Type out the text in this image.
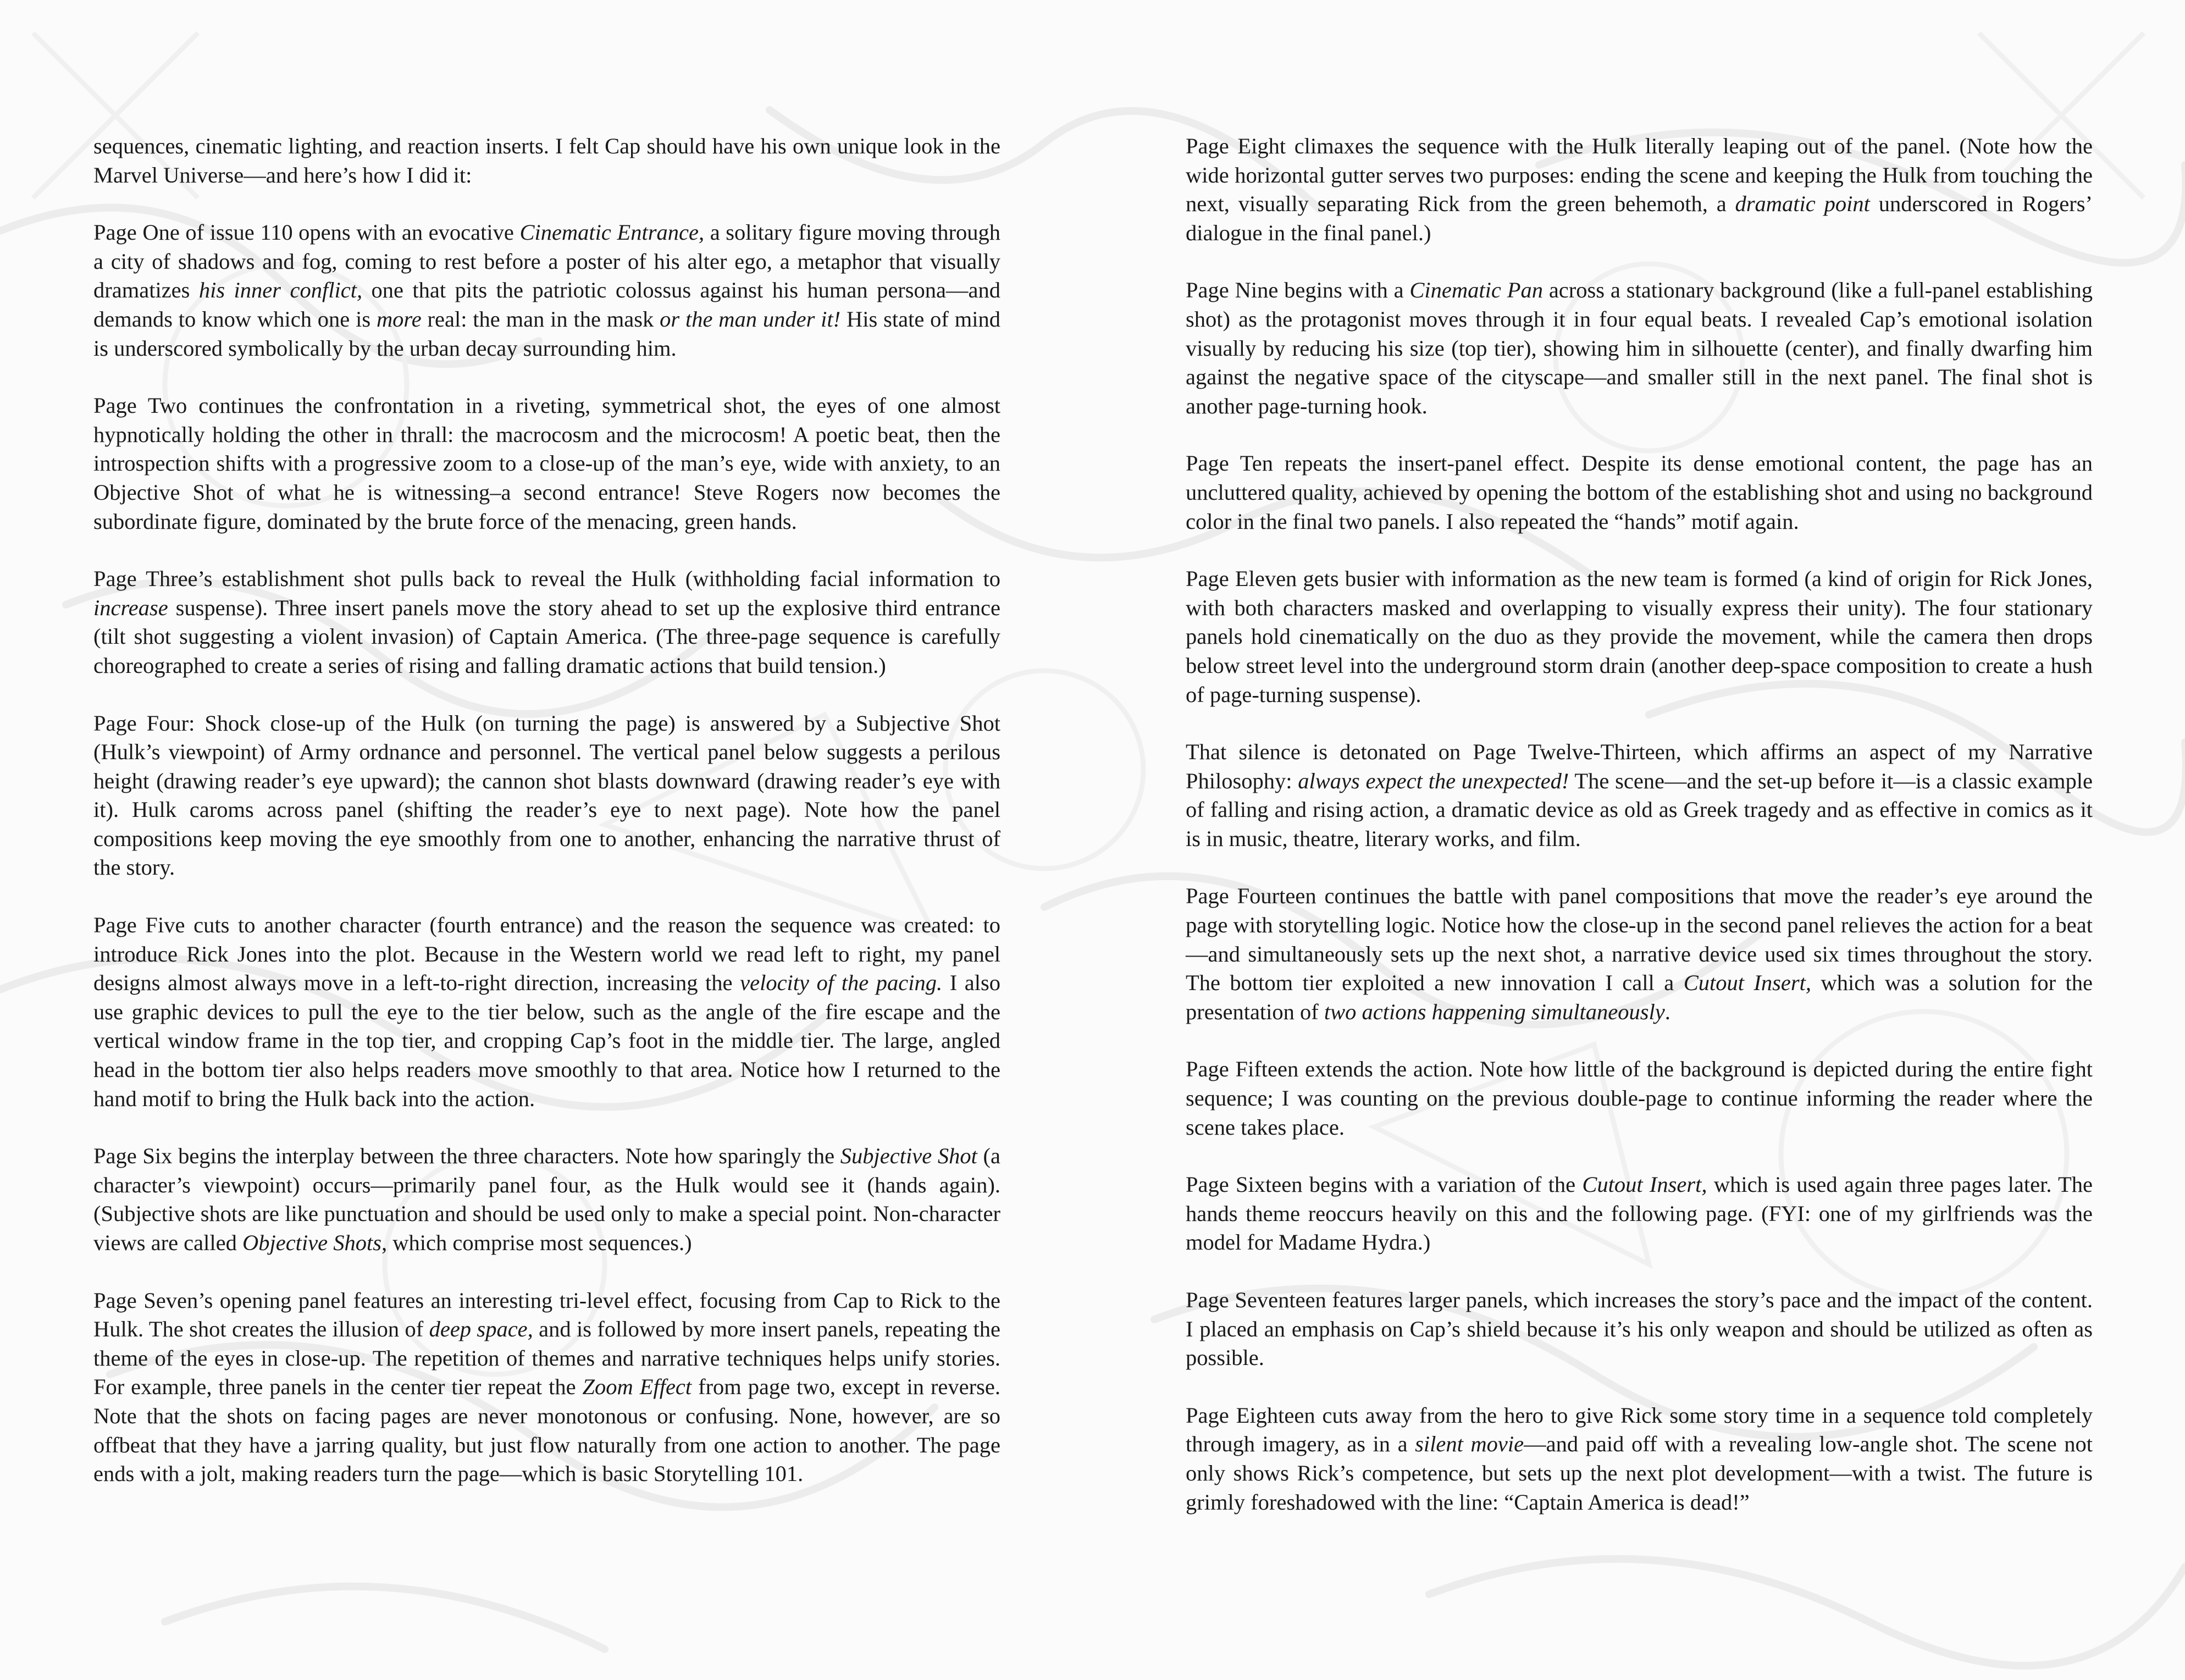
sequences, cinematic lighting, and reaction inserts. I felt Cap should have his own unique look in the Marvel Universe—and here’s how I did it:

Page One of issue 110 opens with an evocative Cinematic Entrance, a solitary figure moving through a city of shadows and fog, coming to rest before a poster of his alter ego, a metaphor that visually dramatizes his inner conflict, one that pits the patriotic colossus against his human persona—and demands to know which one is more real: the man in the mask or the man under it! His state of mind is underscored symbolically by the urban decay surrounding him.

Page Two continues the confrontation in a riveting, symmetrical shot, the eyes of one almost hypnotically holding the other in thrall: the macrocosm and the microcosm! A poetic beat, then the introspection shifts with a progressive zoom to a close-up of the man’s eye, wide with anxiety, to an Objective Shot of what he is witnessing–a second entrance! Steve Rogers now becomes the subordinate figure, dominated by the brute force of the menacing, green hands.

Page Three’s establishment shot pulls back to reveal the Hulk (withholding facial information to increase suspense). Three insert panels move the story ahead to set up the explosive third entrance (tilt shot suggesting a violent invasion) of Captain America. (The three-page sequence is carefully choreographed to create a series of rising and falling dramatic actions that build tension.)

Page Four: Shock close-up of the Hulk (on turning the page) is answered by a Subjective Shot (Hulk’s viewpoint) of Army ordnance and personnel. The vertical panel below suggests a perilous height (drawing reader’s eye upward); the cannon shot blasts downward (drawing reader’s eye with it). Hulk caroms across panel (shifting the reader’s eye to next page). Note how the panel compositions keep moving the eye smoothly from one to another, enhancing the narrative thrust of the story.

Page Five cuts to another character (fourth entrance) and the reason the sequence was created: to introduce Rick Jones into the plot. Because in the Western world we read left to right, my panel designs almost always move in a left-to-right direction, increasing the velocity of the pacing. I also use graphic devices to pull the eye to the tier below, such as the angle of the fire escape and the vertical window frame in the top tier, and cropping Cap’s foot in the middle tier. The large, angled head in the bottom tier also helps readers move smoothly to that area. Notice how I returned to the hand motif to bring the Hulk back into the action.

Page Six begins the interplay between the three characters. Note how sparingly the Subjective Shot (a character’s viewpoint) occurs—primarily panel four, as the Hulk would see it (hands again). (Subjective shots are like punctuation and should be used only to make a special point. Non-character views are called Objective Shots, which comprise most sequences.)

Page Seven’s opening panel features an interesting tri-level effect, focusing from Cap to Rick to the Hulk. The shot creates the illusion of deep space, and is followed by more insert panels, repeating the theme of the eyes in close-up. The repetition of themes and narrative techniques helps unify stories. For example, three panels in the center tier repeat the Zoom Effect from page two, except in reverse. Note that the shots on facing pages are never monotonous or confusing. None, however, are so offbeat that they have a jarring quality, but just flow naturally from one action to another. The page ends with a jolt, making readers turn the page—which is basic Storytelling 101.

Page Eight climaxes the sequence with the Hulk literally leaping out of the panel. (Note how the wide horizontal gutter serves two purposes: ending the scene and keeping the Hulk from touching the next, visually separating Rick from the green behemoth, a dramatic point underscored in Rogers’ dialogue in the final panel.)

Page Nine begins with a Cinematic Pan across a stationary background (like a full-panel establishing shot) as the protagonist moves through it in four equal beats. I revealed Cap’s emotional isolation visually by reducing his size (top tier), showing him in silhouette (center), and finally dwarfing him against the negative space of the cityscape—and smaller still in the next panel. The final shot is another page-turning hook.

Page Ten repeats the insert-panel effect. Despite its dense emotional content, the page has an uncluttered quality, achieved by opening the bottom of the establishing shot and using no background color in the final two panels. I also repeated the “hands” motif again.

Page Eleven gets busier with information as the new team is formed (a kind of origin for Rick Jones, with both characters masked and overlapping to visually express their unity). The four stationary panels hold cinematically on the duo as they provide the movement, while the camera then drops below street level into the underground storm drain (another deep-space composition to create a hush of page-turning suspense).

That silence is detonated on Page Twelve-Thirteen, which affirms an aspect of my Narrative Philosophy: always expect the unexpected! The scene—and the set-up before it—is a classic example of falling and rising action, a dramatic device as old as Greek tragedy and as effective in comics as it is in music, theatre, literary works, and film.

Page Fourteen continues the battle with panel compositions that move the reader’s eye around the page with storytelling logic. Notice how the close-up in the second panel relieves the action for a beat—and simultaneously sets up the next shot, a narrative device used six times throughout the story. The bottom tier exploited a new innovation I call a Cutout Insert, which was a solution for the presentation of two actions happening simultaneously.

Page Fifteen extends the action. Note how little of the background is depicted during the entire fight sequence; I was counting on the previous double-page to continue informing the reader where the scene takes place.

Page Sixteen begins with a variation of the Cutout Insert, which is used again three pages later. The hands theme reoccurs heavily on this and the following page. (FYI: one of my girlfriends was the model for Madame Hydra.)

Page Seventeen features larger panels, which increases the story’s pace and the impact of the content. I placed an emphasis on Cap’s shield because it’s his only weapon and should be utilized as often as possible.

Page Eighteen cuts away from the hero to give Rick some story time in a sequence told completely through imagery, as in a silent movie—and paid off with a revealing low-angle shot. The scene not only shows Rick’s competence, but sets up the next plot development—with a twist. The future is grimly foreshadowed with the line: “Captain America is dead!”
